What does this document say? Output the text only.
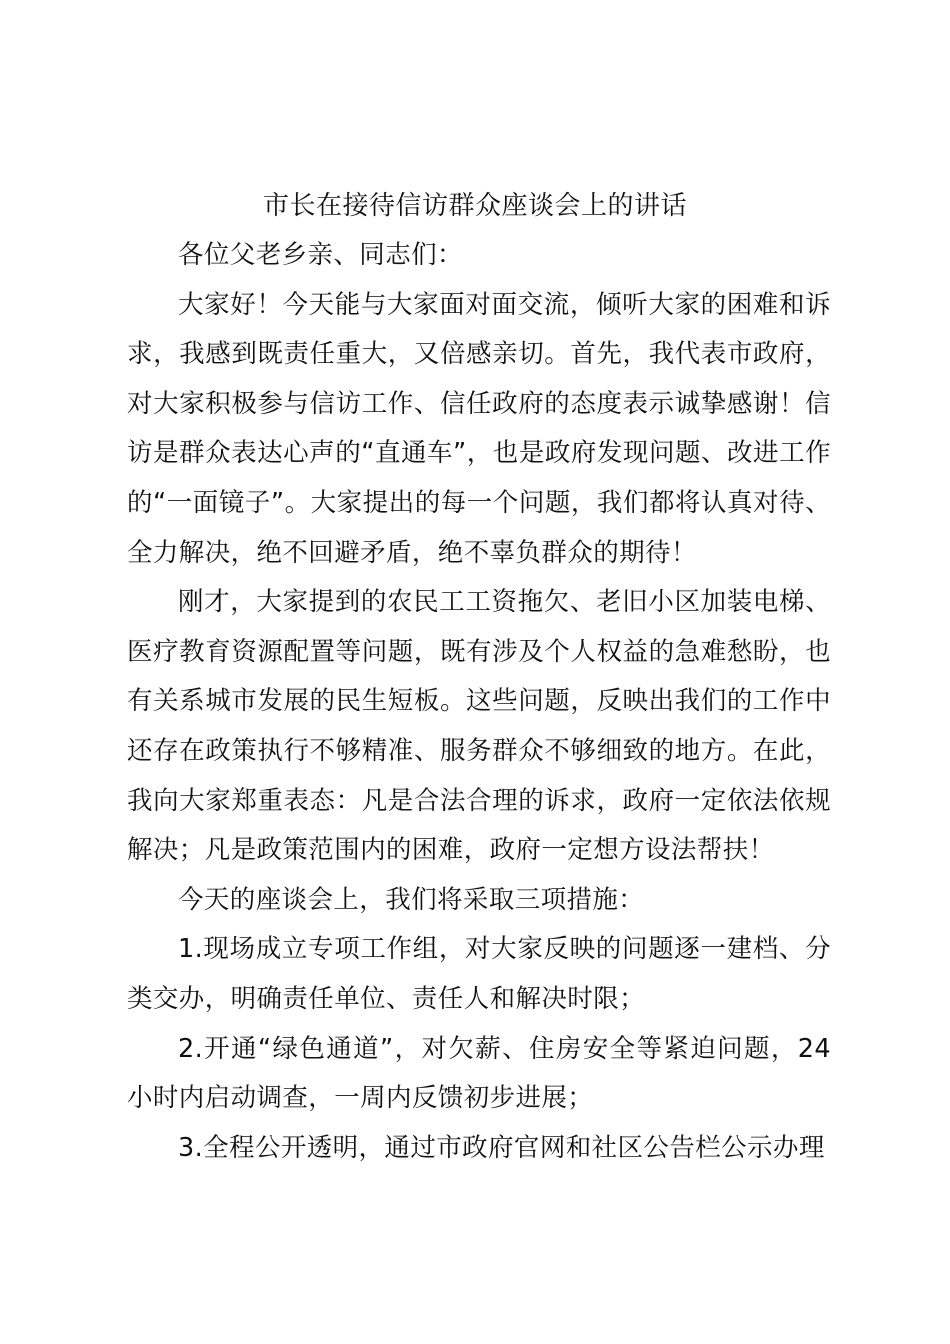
市长在接待信访群众座谈会上的讲话

各位父老乡亲、同志们：

大家好！今天能与大家面对面交流，倾听大家的困难和诉求，我感到既责任重大，又倍感亲切。首先，我代表市政府，对大家积极参与信访工作、信任政府的态度表示诚挚感谢！信访是群众表达心声的“直通车”，也是政府发现问题、改进工作的“一面镜子”。大家提出的每一个问题，我们都将认真对待、全力解决，绝不回避矛盾，绝不辜负群众的期待！

刚才，大家提到的农民工工资拖欠、老旧小区加装电梯、医疗教育资源配置等问题，既有涉及个人权益的急难愁盼，也有关系城市发展的民生短板。这些问题，反映出我们的工作中还存在政策执行不够精准、服务群众不够细致的地方。在此，我向大家郑重表态：凡是合法合理的诉求，政府一定依法依规解决；凡是政策范围内的困难，政府一定想方设法帮扶！

今天的座谈会上，我们将采取三项措施：

1.现场成立专项工作组，对大家反映的问题逐一建档、分类交办，明确责任单位、责任人和解决时限；

2.开通“绿色通道”，对欠薪、住房安全等紧迫问题，24小时内启动调查，一周内反馈初步进展；

3.全程公开透明，通过市政府官网和社区公告栏公示办理
